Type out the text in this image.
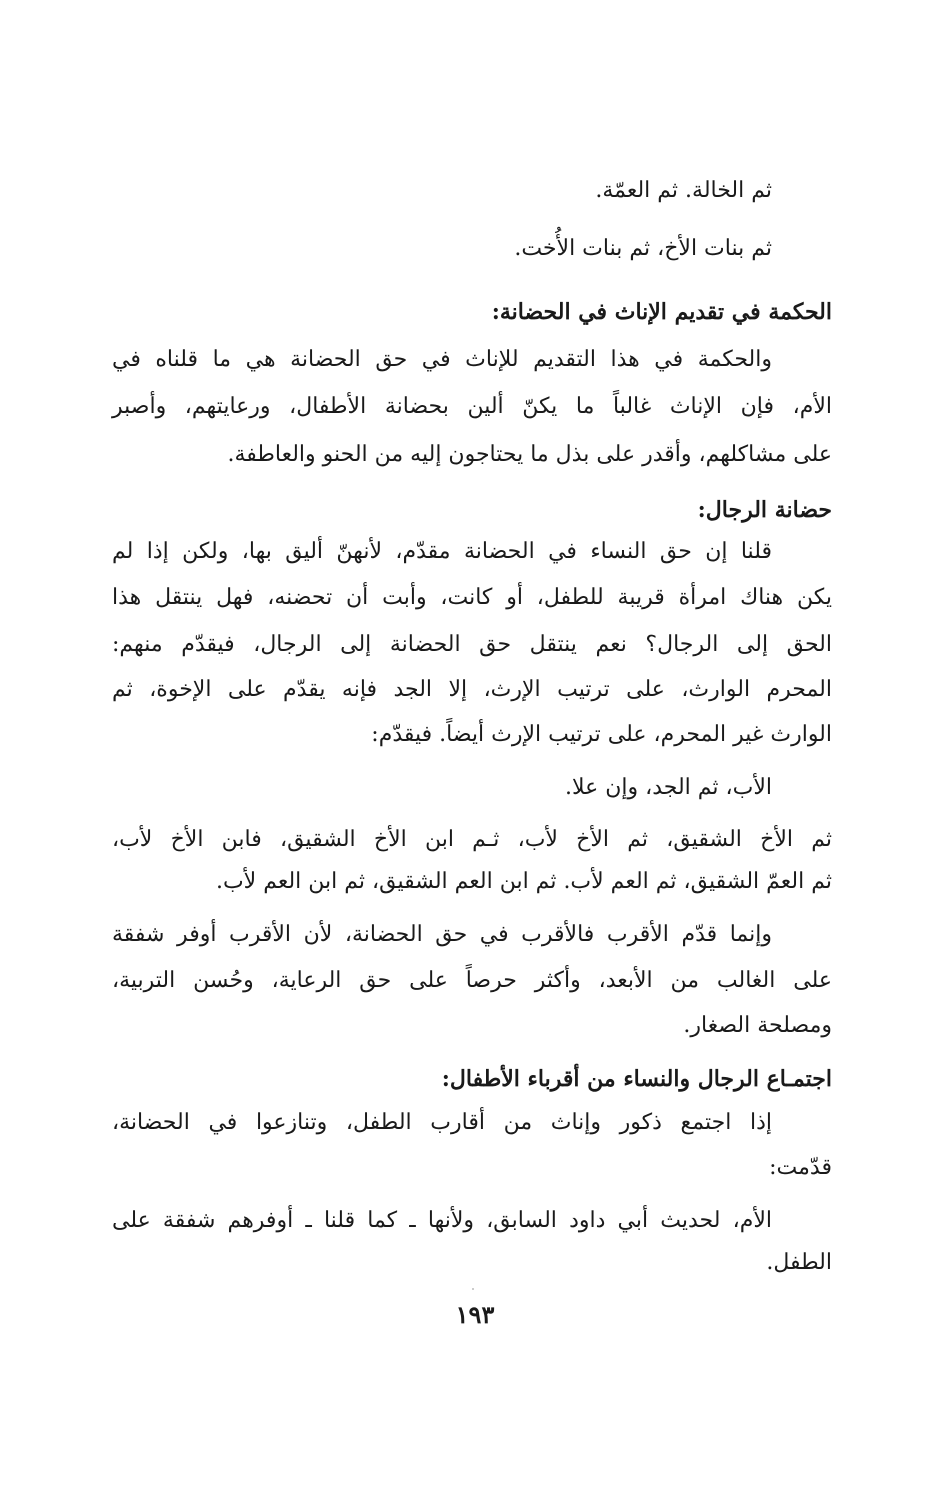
ثم الخالة. ثم العمّة.
ثم بنات الأخ، ثم بنات الأُخت.
الحكمة في تقديم الإناث في الحضانة:
والحكمة في هذا التقديم للإناث في حق الحضانة هي ما قلناه في
الأم، فإن الإناث غالباً ما يكنّ ألين بحضانة الأطفال، ورعايتهم، وأصبر
على مشاكلهم، وأقدر على بذل ما يحتاجون إليه من الحنو والعاطفة.
حضانة الرجال:
قلنا إن حق النساء في الحضانة مقدّم، لأنهنّ أليق بها، ولكن إذا لم
يكن هناك امرأة قريبة للطفل، أو كانت، وأبت أن تحضنه، فهل ينتقل هذا
الحق إلى الرجال؟ نعم ينتقل حق الحضانة إلى الرجال، فيقدّم منهم:
المحرم الوارث، على ترتيب الإرث، إلا الجد فإنه يقدّم على الإخوة، ثم
الوارث غير المحرم، على ترتيب الإرث أيضاً. فيقدّم:
الأب، ثم الجد، وإن علا.
ثم الأخ الشقيق، ثم الأخ لأب، ثـم ابن الأخ الشقيق، فابن الأخ لأب،
ثم العمّ الشقيق، ثم العم لأب. ثم ابن العم الشقيق، ثم ابن العم لأب.
وإنما قدّم الأقرب فالأقرب في حق الحضانة، لأن الأقرب أوفر شفقة
على الغالب من الأبعد، وأكثر حرصاً على حق الرعاية، وحُسن التربية،
ومصلحة الصغار.
اجتمـاع الرجال والنساء من أقرباء الأطفال:
إذا اجتمع ذكور وإناث من أقارب الطفل، وتنازعوا في الحضانة،
قدّمت:
الأم، لحديث أبي داود السابق، ولأنها ـ كما قلنا ـ أوفرهم شفقة على
الطفل.
١٩٣
